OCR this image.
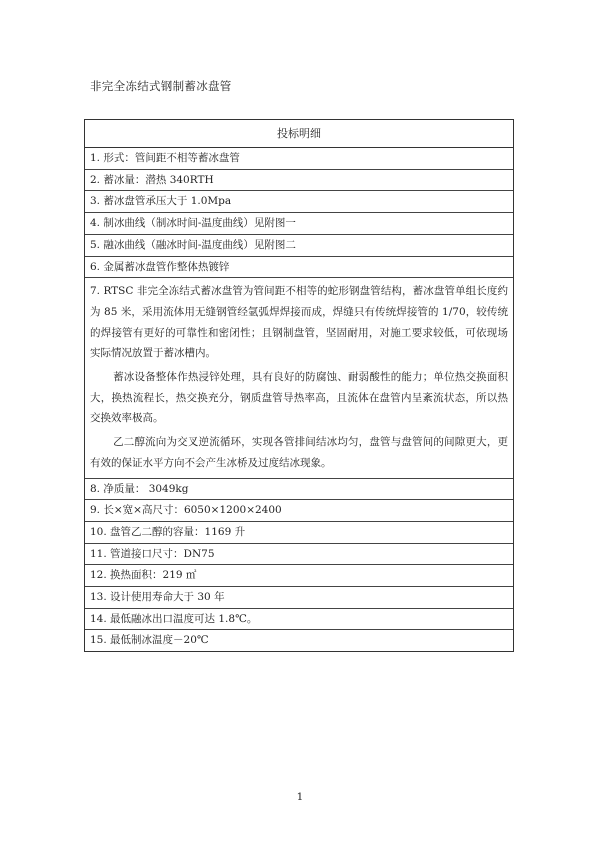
非完全冻结式钢制蓄冰盘管
投标明细
1. 形式：管间距不相等蓄冰盘管
2. 蓄冰量：潜热 340RTH
3. 蓄冰盘管承压大于 1.0Mpa
4. 制冰曲线（制冰时间-温度曲线）见附图一
5. 融冰曲线（融冰时间-温度曲线）见附图二
6. 金属蓄冰盘管作整体热镀锌

7. RTSC 非完全冻结式蓄冰盘管为管间距不相等的蛇形钢盘管结构，蓄冰盘管单组长度约为 85 米，采用流体用无缝钢管经氩弧焊焊接而成，焊缝只有传统焊接管的 1/70，较传统的焊接管有更好的可靠性和密闭性；且钢制盘管，坚固耐用，对施工要求较低，可依现场实际情况放置于蓄冰槽内。

蓄冰设备整体作热浸锌处理，具有良好的防腐蚀、耐弱酸性的能力；单位热交换面积大，换热流程长，热交换充分，钢质盘管导热率高，且流体在盘管内呈紊流状态，所以热交换效率极高。

乙二醇流向为交叉逆流循环，实现各管排间结冰均匀，盘管与盘管间的间隙更大，更有效的保证水平方向不会产生冰桥及过度结冰现象。

8. 净质量： 3049kg
9. 长×宽×高尺寸：6050×1200×2400
10. 盘管乙二醇的容量：1169 升
11. 管道接口尺寸：DN75
12. 换热面积：219 ㎡
13. 设计使用寿命大于 30 年
14. 最低融冰出口温度可达 1.8℃。
15. 最低制冰温度－20℃
1
